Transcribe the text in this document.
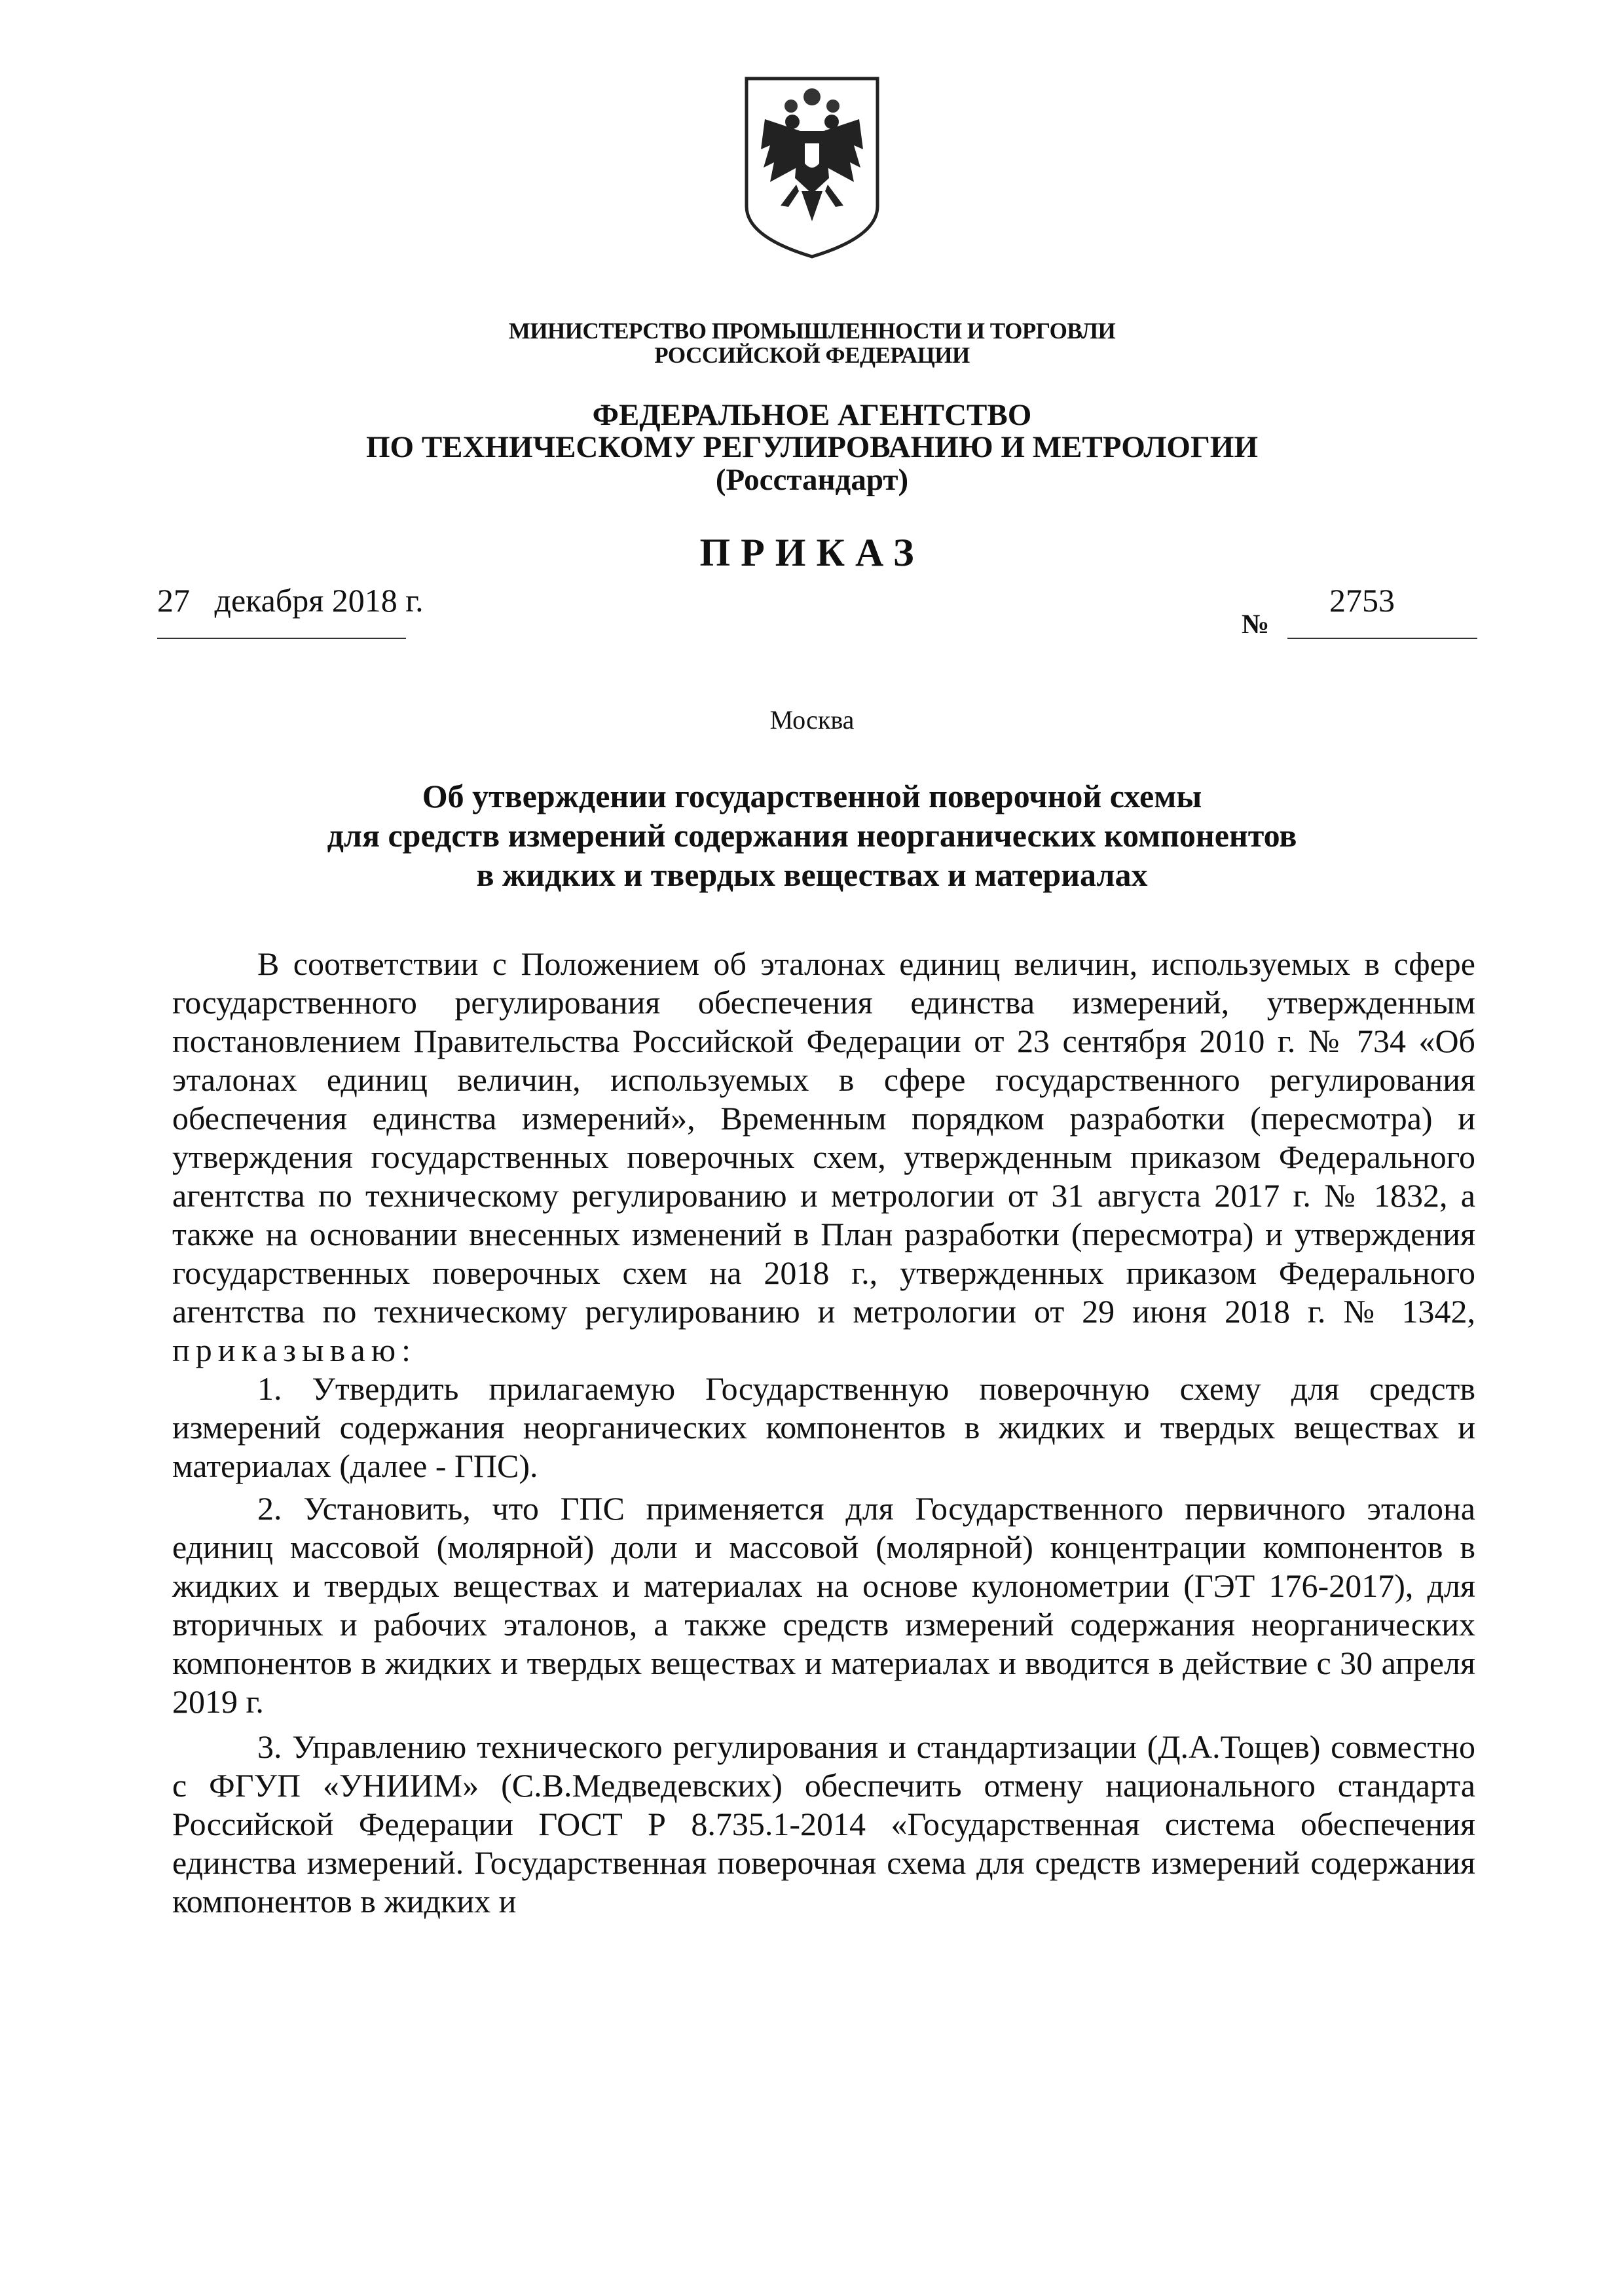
МИНИСТЕРСТВО ПРОМЫШЛЕННОСТИ И ТОРГОВЛИ
РОССИЙСКОЙ ФЕДЕРАЦИИ
ФЕДЕРАЛЬНОЕ АГЕНТСТВО
ПО ТЕХНИЧЕСКОМУ РЕГУЛИРОВАНИЮ И МЕТРОЛОГИИ
(Росстандарт)
ПРИКАЗ
27 декабря 2018 г.
№
2753
Москва
Об утверждении государственной поверочной схемы
для средств измерений содержания неорганических компонентов
в жидких и твердых веществах и материалах

В соответствии с Положением об эталонах единиц величин, используемых в сфере государственного регулирования обеспечения единства измерений, утвержденным постановлением Правительства Российской Федерации от 23 сентября 2010 г. № 734 «Об эталонах единиц величин, используемых в сфере государственного регулирования обеспечения единства измерений», Временным порядком разработки (пересмотра) и утверждения государственных поверочных схем, утвержденным приказом Федерального агентства по техническому регулированию и метрологии от 31 августа 2017 г. № 1832, а также на основании внесенных изменений в План разработки (пересмотра) и утверждения государственных поверочных схем на 2018 г., утвержденных приказом Федерального агентства по техническому регулированию и метрологии от 29 июня 2018 г. № 1342, приказываю:

1. Утвердить прилагаемую Государственную поверочную схему для средств измерений содержания неорганических компонентов в жидких и твердых веществах и материалах (далее - ГПС).

2. Установить, что ГПС применяется для Государственного первичного эталона единиц массовой (молярной) доли и массовой (молярной) концентрации компонентов в жидких и твердых веществах и материалах на основе кулонометрии (ГЭТ 176-2017), для вторичных и рабочих эталонов, а также средств измерений содержания неорганических компонентов в жидких и твердых веществах и материалах и вводится в действие с 30 апреля 2019 г.

3. Управлению технического регулирования и стандартизации (Д.А.Тощев) совместно с ФГУП «УНИИМ» (С.В.Медведевских) обеспечить отмену национального стандарта Российской Федерации ГОСТ Р 8.735.1-2014 «Государственная система обеспечения единства измерений. Государственная поверочная схема для средств измерений содержания компонентов в жидких и
